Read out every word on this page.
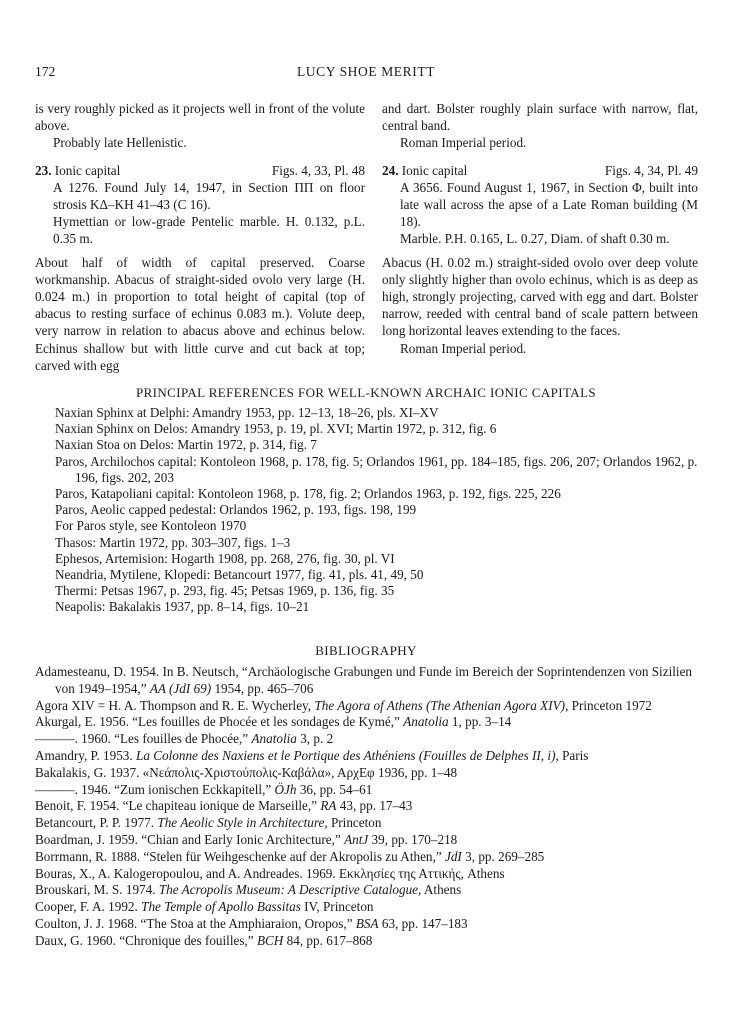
172	LUCY SHOE MERITT

is very roughly picked as it projects well in front of the volute above.

Probably late Hellenistic.

23. Ionic capital	Figs. 4, 33, Pl. 48

A 1276. Found July 14, 1947, in Section ΠΠ on floor strosis ΚΔ–ΚΗ 41–43 (C 16).

Hymettian or low-grade Pentelic marble. H. 0.132, p.L. 0.35 m.

About half of width of capital preserved. Coarse workmanship. Abacus of straight-sided ovolo very large (H. 0.024 m.) in proportion to total height of capital (top of abacus to resting surface of echinus 0.083 m.). Volute deep, very narrow in relation to abacus above and echinus below. Echinus shallow but with little curve and cut back at top; carved with egg

and dart. Bolster roughly plain surface with narrow, flat, central band.

Roman Imperial period.

24. Ionic capital	Figs. 4, 34, Pl. 49

A 3656. Found August 1, 1967, in Section Φ, built into late wall across the apse of a Late Roman building (M 18).

Marble. P.H. 0.165, L. 0.27, Diam. of shaft 0.30 m.

Abacus (H. 0.02 m.) straight-sided ovolo over deep volute only slightly higher than ovolo echinus, which is as deep as high, strongly projecting, carved with egg and dart. Bolster narrow, reeded with central band of scale pattern between long horizontal leaves extending to the faces.

Roman Imperial period.

PRINCIPAL REFERENCES FOR WELL-KNOWN ARCHAIC IONIC CAPITALS

Naxian Sphinx at Delphi: Amandry 1953, pp. 12–13, 18–26, pls. XI–XV

Naxian Sphinx on Delos: Amandry 1953, p. 19, pl. XVI; Martin 1972, p. 312, fig. 6

Naxian Stoa on Delos: Martin 1972, p. 314, fig. 7

Paros, Archilochos capital: Kontoleon 1968, p. 178, fig. 5; Orlandos 1961, pp. 184–185, figs. 206, 207; Orlandos 1962, p. 196, figs. 202, 203

Paros, Katapoliani capital: Kontoleon 1968, p. 178, fig. 2; Orlandos 1963, p. 192, figs. 225, 226

Paros, Aeolic capped pedestal: Orlandos 1962, p. 193, figs. 198, 199

For Paros style, see Kontoleon 1970

Thasos: Martin 1972, pp. 303–307, figs. 1–3

Ephesos, Artemision: Hogarth 1908, pp. 268, 276, fig. 30, pl. VI

Neandria, Mytilene, Klopedi: Betancourt 1977, fig. 41, pls. 41, 49, 50

Thermi: Petsas 1967, p. 293, fig. 45; Petsas 1969, p. 136, fig. 35

Neapolis: Bakalakis 1937, pp. 8–14, figs. 10–21

BIBLIOGRAPHY

Adamesteanu, D. 1954. In B. Neutsch, “Archäologische Grabungen und Funde im Bereich der Soprintendenzen von Sizilien von 1949–1954,” AA (JdI 69) 1954, pp. 465–706

Agora XIV = H. A. Thompson and R. E. Wycherley, The Agora of Athens (The Athenian Agora XIV), Princeton 1972

Akurgal, E. 1956. “Les fouilles de Phocée et les sondages de Kymé,” Anatolia 1, pp. 3–14

———. 1960. “Les fouilles de Phocée,” Anatolia 3, p. 2

Amandry, P. 1953. La Colonne des Naxiens et le Portique des Athéniens (Fouilles de Delphes II, i), Paris

Bakalakis, G. 1937. «Νεάπολις-Χριστούπολις-Καβάλα», ΑρχΕφ 1936, pp. 1–48

———. 1946. “Zum ionischen Eckkapitell,” ÖJh 36, pp. 54–61

Benoit, F. 1954. “Le chapiteau ionique de Marseille,” RA 43, pp. 17–43

Betancourt, P. P. 1977. The Aeolic Style in Architecture, Princeton

Boardman, J. 1959. “Chian and Early Ionic Architecture,” AntJ 39, pp. 170–218

Borrmann, R. 1888. “Stelen für Weihgeschenke auf der Akropolis zu Athen,” JdI 3, pp. 269–285

Bouras, X., A. Kalogeropoulou, and A. Andreades. 1969. Εκκλησίες της Αττικής, Athens

Brouskari, M. S. 1974. The Acropolis Museum: A Descriptive Catalogue, Athens

Cooper, F. A. 1992. The Temple of Apollo Bassitas IV, Princeton

Coulton, J. J. 1968. “The Stoa at the Amphiaraion, Oropos,” BSA 63, pp. 147–183

Daux, G. 1960. “Chronique des fouilles,” BCH 84, pp. 617–868
